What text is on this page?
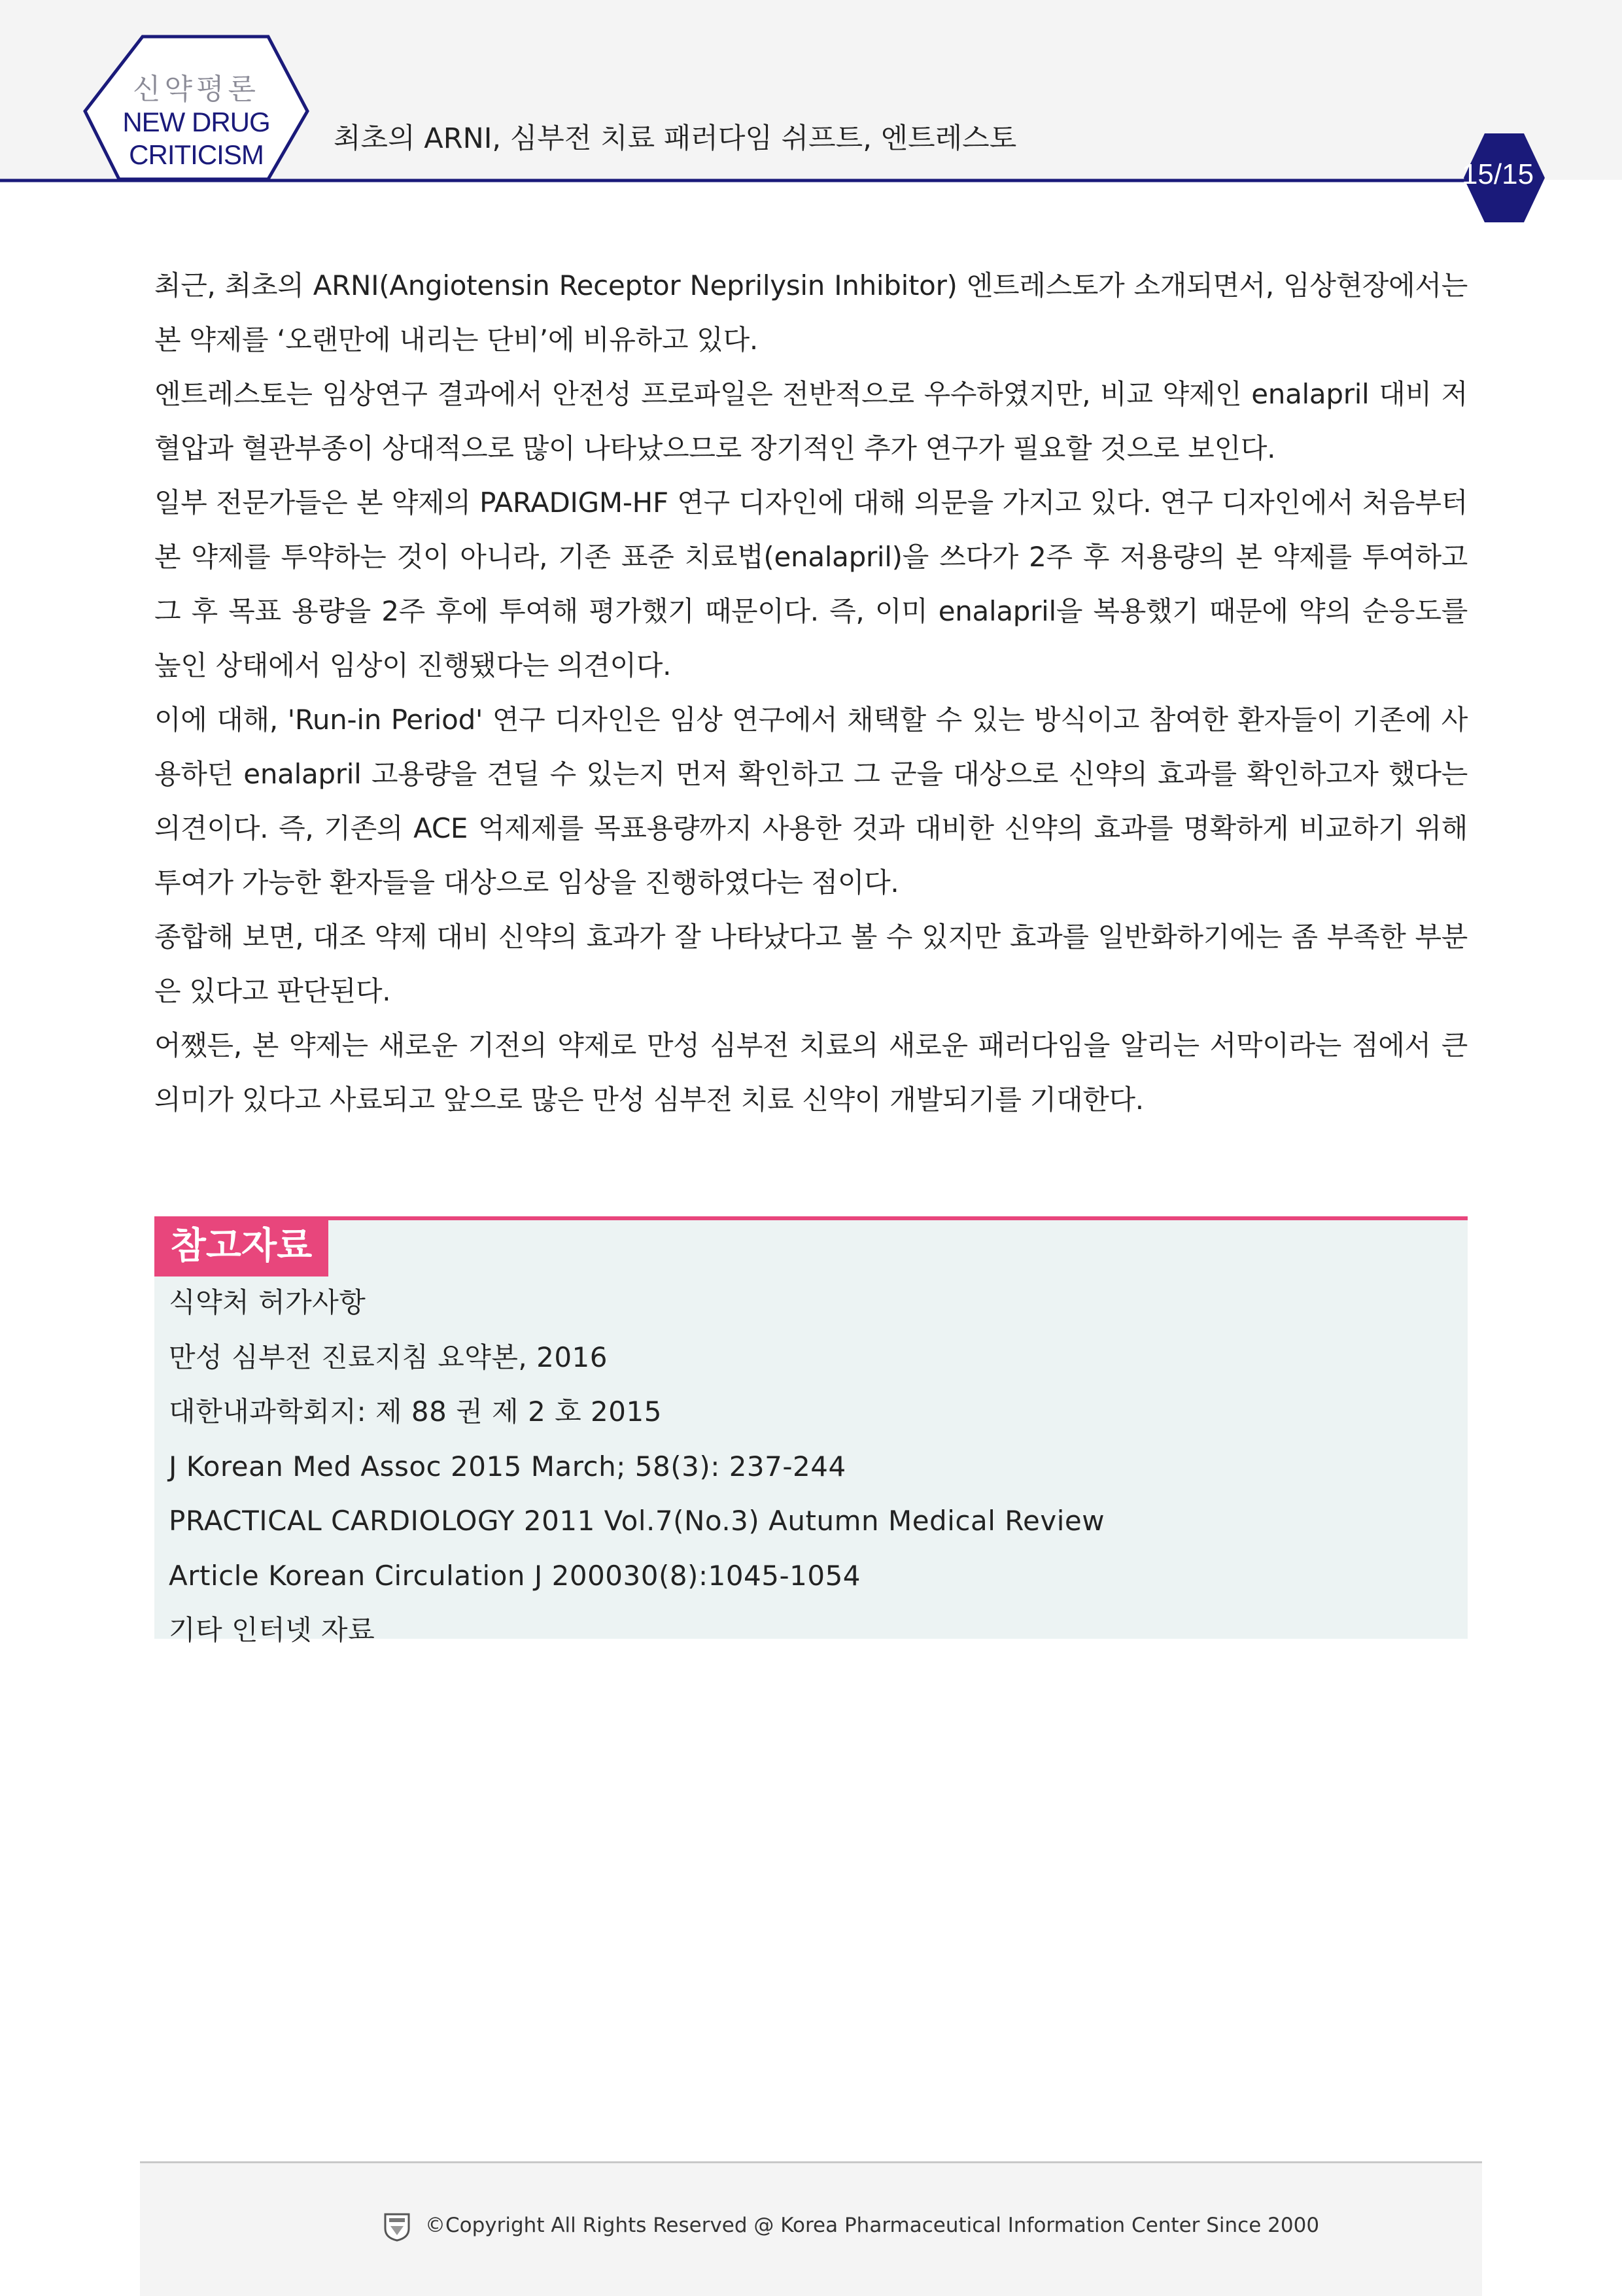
신약평론
NEW DRUG
CRITICISM	최초의 ARNI, 심부전 치료 패러다임 쉬프트, 엔트레스토
15/15

최근, 최초의 ARNI(Angiotensin Receptor Neprilysin Inhibitor) 엔트레스토가 소개되면서, 임상현장에서는 본 약제를 ‘오랜만에 내리는 단비’에 비유하고 있다.

엔트레스토는 임상연구 결과에서 안전성 프로파일은 전반적으로 우수하였지만, 비교 약제인 enalapril 대비 저혈압과 혈관부종이 상대적으로 많이 나타났으므로 장기적인 추가 연구가 필요할 것으로 보인다.

일부 전문가들은 본 약제의 PARADIGM-HF 연구 디자인에 대해 의문을 가지고 있다. 연구 디자인에서 처음부터 본 약제를 투약하는 것이 아니라, 기존 표준 치료법(enalapril)을 쓰다가 2주 후 저용량의 본 약제를 투여하고 그 후 목표 용량을 2주 후에 투여해 평가했기 때문이다. 즉, 이미 enalapril을 복용했기 때문에 약의 순응도를 높인 상태에서 임상이 진행됐다는 의견이다.

이에 대해, 'Run-in Period' 연구 디자인은 임상 연구에서 채택할 수 있는 방식이고 참여한 환자들이 기존에 사용하던 enalapril 고용량을 견딜 수 있는지 먼저 확인하고 그 군을 대상으로 신약의 효과를 확인하고자 했다는 의견이다. 즉, 기존의 ACE 억제제를 목표용량까지 사용한 것과 대비한 신약의 효과를 명확하게 비교하기 위해 투여가 가능한 환자들을 대상으로 임상을 진행하였다는 점이다.

종합해 보면, 대조 약제 대비 신약의 효과가 잘 나타났다고 볼 수 있지만 효과를 일반화하기에는 좀 부족한 부분은 있다고 판단된다.

어쨌든, 본 약제는 새로운 기전의 약제로 만성 심부전 치료의 새로운 패러다임을 알리는 서막이라는 점에서 큰 의미가 있다고 사료되고 앞으로 많은 만성 심부전 치료 신약이 개발되기를 기대한다.

참고자료
식약처 허가사항
만성 심부전 진료지침 요약본, 2016
대한내과학회지: 제 88 권 제 2 호 2015
J Korean Med Assoc 2015 March; 58(3): 237-244
PRACTICAL CARDIOLOGY 2011 Vol.7(No.3) Autumn Medical Review
Article Korean Circulation J 200030(8):1045-1054
기타 인터넷 자료
©Copyright All Rights Reserved @ Korea Pharmaceutical Information Center Since 2000
